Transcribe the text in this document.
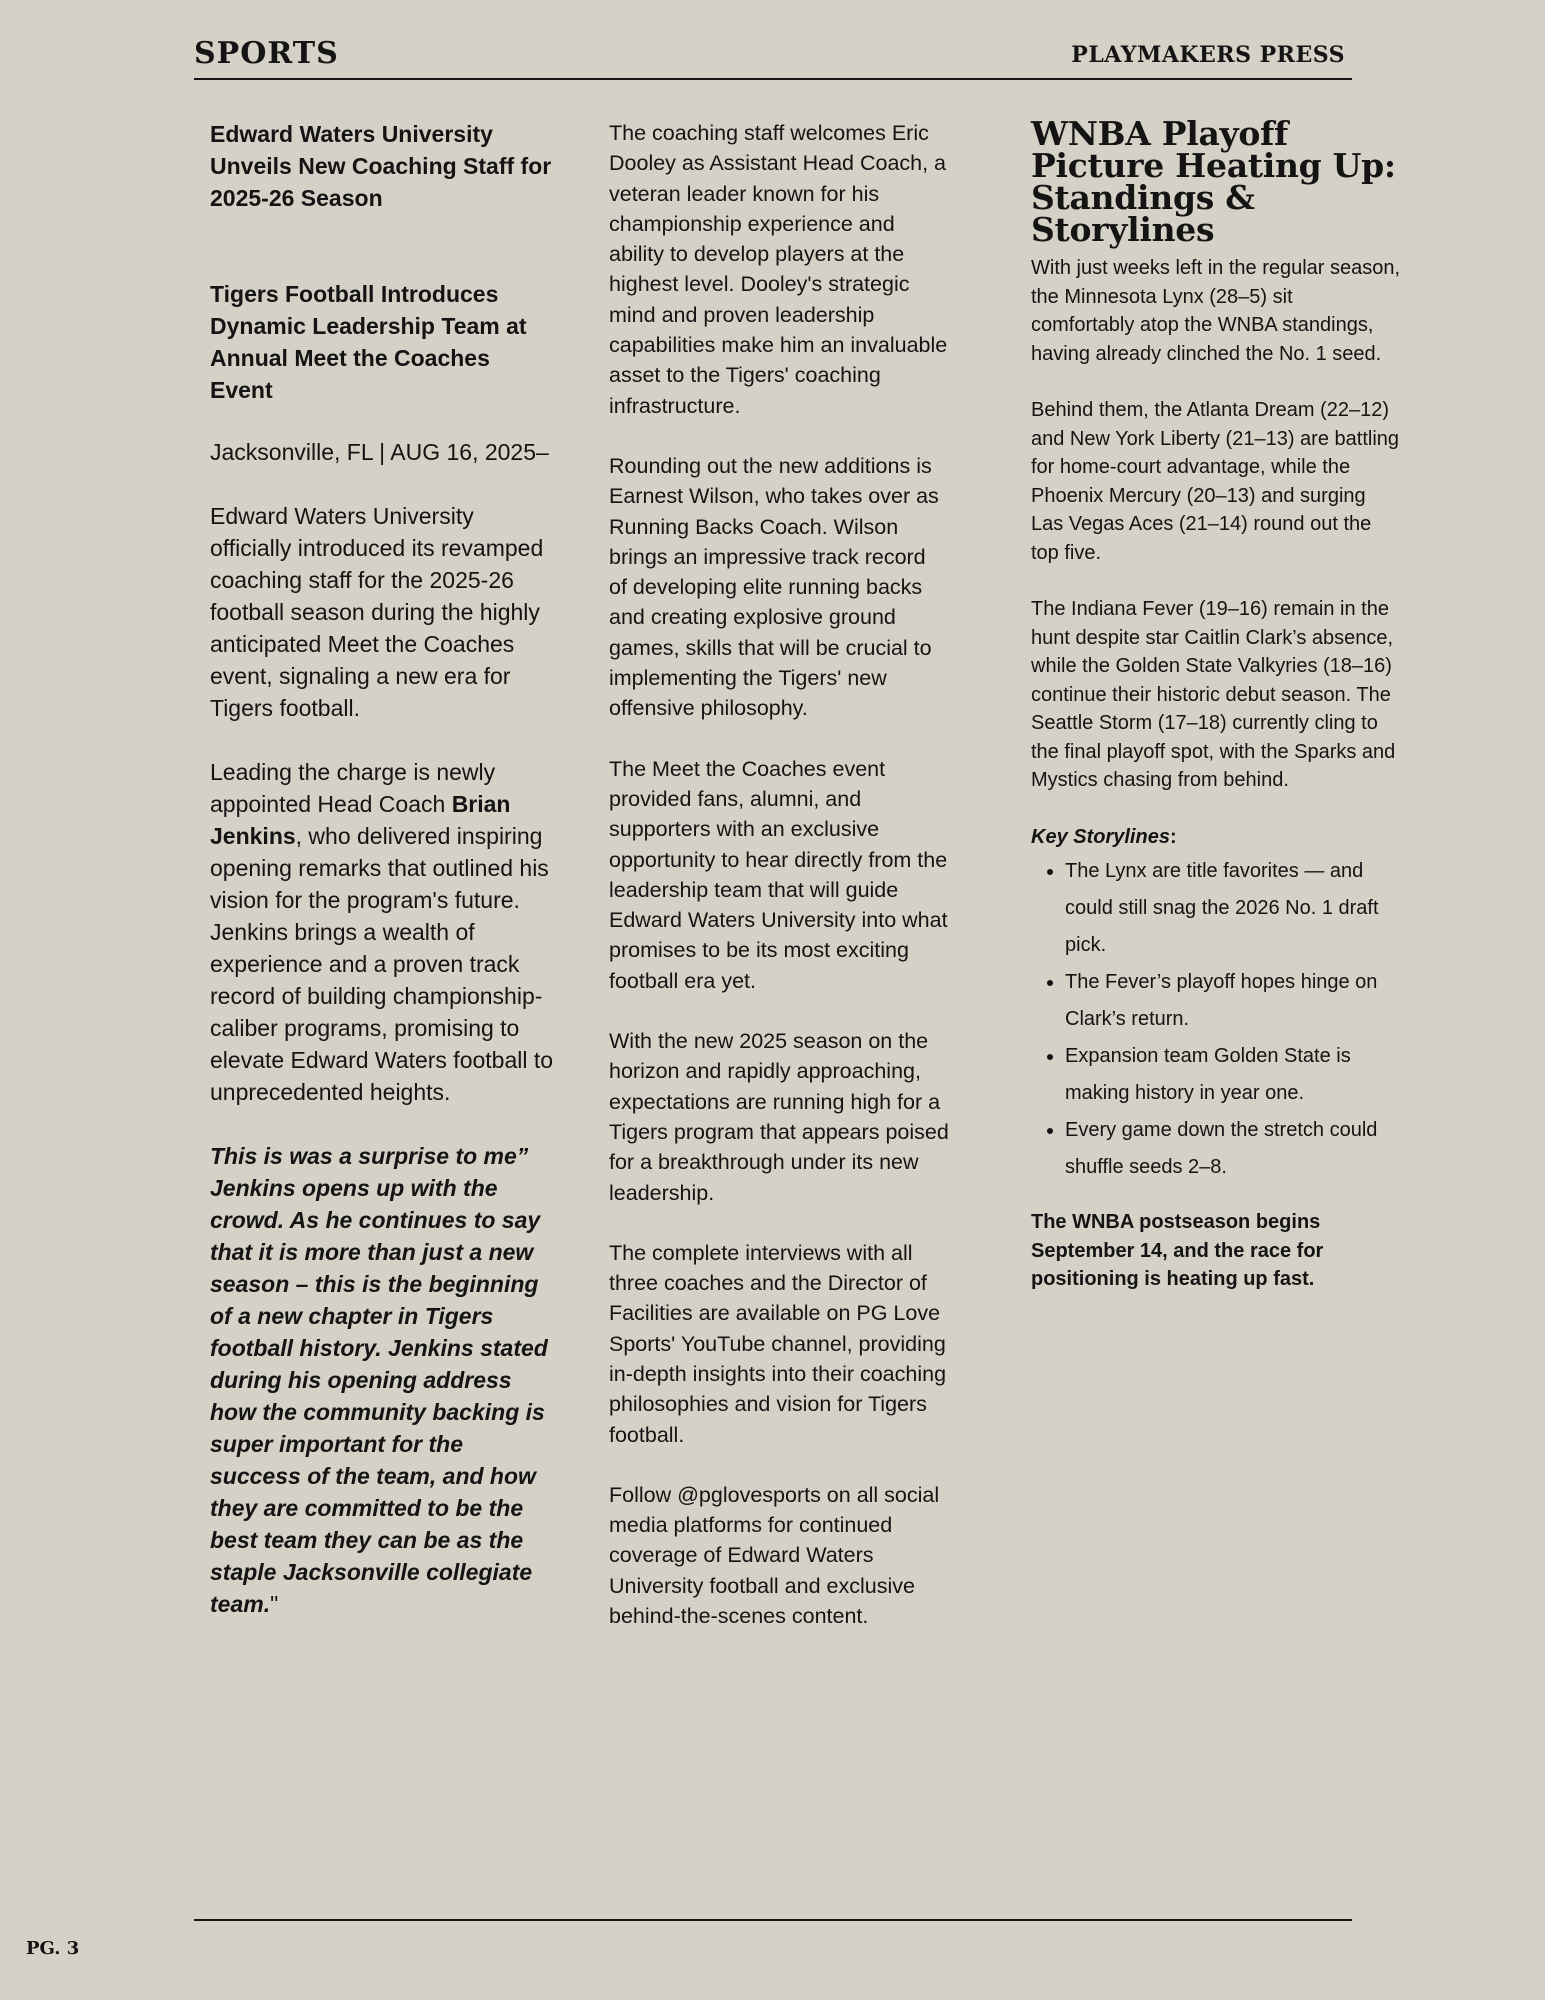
SPORTS	PLAYMAKERS PRESS
Edward Waters University Unveils New Coaching Staff for 2025-26 Season
Tigers Football Introduces Dynamic Leadership Team at Annual Meet the Coaches Event

Jacksonville, FL | AUG 16, 2025–

Edward Waters University officially introduced its revamped coaching staff for the 2025-26 football season during the highly anticipated Meet the Coaches event, signaling a new era for Tigers football.

Leading the charge is newly appointed Head Coach Brian Jenkins, who delivered inspiring opening remarks that outlined his vision for the program's future. Jenkins brings a wealth of experience and a proven track record of building championship-caliber programs, promising to elevate Edward Waters football to unprecedented heights.

This is was a surprise to me” Jenkins opens up with the crowd. As he continues to say that it is more than just a new season – this is the beginning of a new chapter in Tigers football history. Jenkins stated during his opening address how the community backing is super important for the success of the team, and how they are committed to be the best team they can be as the staple Jacksonville collegiate team."

The coaching staff welcomes Eric Dooley as Assistant Head Coach, a veteran leader known for his championship experience and ability to develop players at the highest level. Dooley's strategic mind and proven leadership capabilities make him an invaluable asset to the Tigers' coaching infrastructure.

Rounding out the new additions is Earnest Wilson, who takes over as Running Backs Coach. Wilson brings an impressive track record of developing elite running backs and creating explosive ground games, skills that will be crucial to implementing the Tigers' new offensive philosophy.

The Meet the Coaches event provided fans, alumni, and supporters with an exclusive opportunity to hear directly from the leadership team that will guide Edward Waters University into what promises to be its most exciting football era yet.

With the new 2025 season on the horizon and rapidly approaching, expectations are running high for a Tigers program that appears poised for a breakthrough under its new leadership.

The complete interviews with all three coaches and the Director of Facilities are available on PG Love Sports' YouTube channel, providing in-depth insights into their coaching philosophies and vision for Tigers football.

Follow @pglovesports on all social media platforms for continued coverage of Edward Waters University football and exclusive behind-the-scenes content.

WNBA Playoff Picture Heating Up: Standings & Storylines

With just weeks left in the regular season, the Minnesota Lynx (28–5) sit comfortably atop the WNBA standings, having already clinched the No. 1 seed.

Behind them, the Atlanta Dream (22–12) and New York Liberty (21–13) are battling for home-court advantage, while the Phoenix Mercury (20–13) and surging Las Vegas Aces (21–14) round out the top five.

The Indiana Fever (19–16) remain in the hunt despite star Caitlin Clark’s absence, while the Golden State Valkyries (18–16) continue their historic debut season. The Seattle Storm (17–18) currently cling to the final playoff spot, with the Sparks and Mystics chasing from behind.

Key Storylines:

• The Lynx are title favorites — and could still snag the 2026 No. 1 draft pick.
• The Fever’s playoff hopes hinge on Clark’s return.
• Expansion team Golden State is making history in year one.
• Every game down the stretch could shuffle seeds 2–8.

The WNBA postseason begins September 14, and the race for positioning is heating up fast.

PG. 3
